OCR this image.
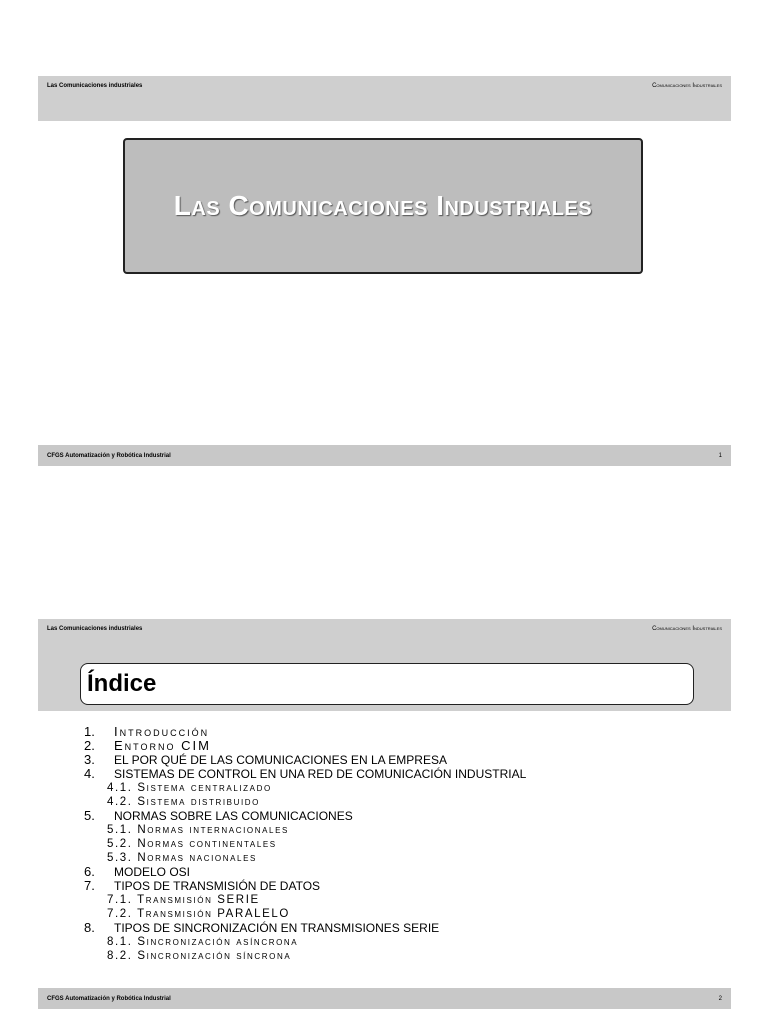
Las Comunicaciones industriales	Comunicaciones Industriales
Las Comunicaciones Industriales
CFGS Automatización y Robótica Industrial	1
Las Comunicaciones industriales	Comunicaciones Industriales
Índice
1. Introducción
2. Entorno CIM
3. EL POR QUÉ DE LAS COMUNICACIONES EN LA EMPRESA
4. SISTEMAS DE CONTROL EN UNA RED DE COMUNICACIÓN INDUSTRIAL
4.1. Sistema centralizado
4.2. Sistema distribuido
5. NORMAS SOBRE LAS COMUNICACIONES
5.1. Normas internacionales
5.2. Normas continentales
5.3. Normas nacionales
6. MODELO OSI
7. TIPOS DE TRANSMISIÓN DE DATOS
7.1. Transmisión SERIE
7.2. Transmisión PARALELO
8. TIPOS DE SINCRONIZACIÓN EN TRANSMISIONES SERIE
8.1. Sincronización asíncrona
8.2. Sincronización síncrona
CFGS Automatización y Robótica Industrial	2
